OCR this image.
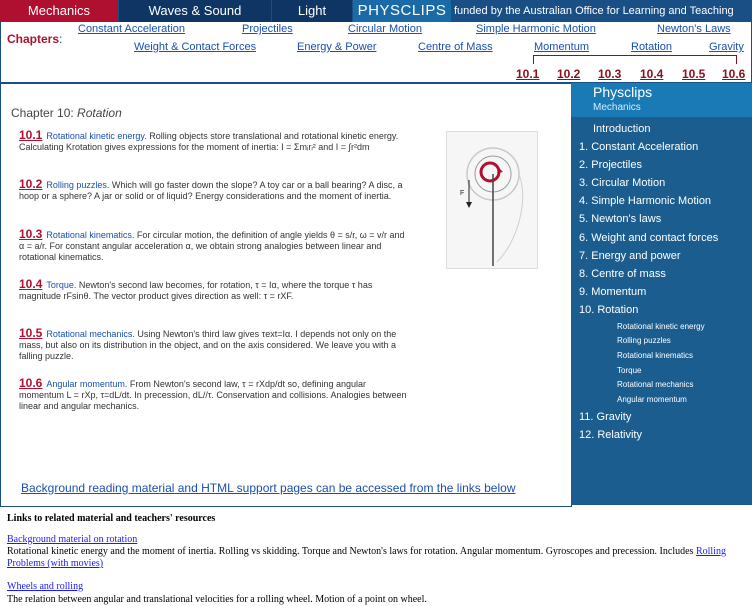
Mechanics	Waves & Sound	Light	PHYSCLIPS funded by the Australian Office for Learning and Teaching
Chapters:
Constant Acceleration	Projectiles	Circular Motion	Simple Harmonic Motion	Newton's Laws
Weight & Contact Forces	Energy & Power	Centre of Mass	Momentum	Rotation	Gravity
10.1 10.2 10.3 10.4 10.5 10.6
Chapter 10: Rotation
10.1 Rotational kinetic energy. Rolling objects store translational and rotational kinetic energy. Calculating Krotation gives expressions for the moment of inertia: I = Σmᵢrᵢ² and I = ∫r²dm
10.2 Rolling puzzles. Which will go faster down the slope? A toy car or a ball bearing? A disc, a hoop or a sphere? A jar or solid or of liquid? Energy considerations and the moment of inertia.
10.3 Rotational kinematics. For circular motion, the definition of angle yields θ = s/r, ω = v/r and α = a/r. For constant angular acceleration α, we obtain strong analogies between linear and rotational kinematics.
10.4 Torque. Newton's second law becomes, for rotation, τ = Iα, where the torque τ has magnitude rFsinθ. The vector product gives direction as well: τ = rXF.
10.5 Rotational mechanics. Using Newton's third law gives τext=Iα. I depends not only on the mass, but also on its distribution in the object, and on the axis considered. We leave you with a falling puzzle.
10.6 Angular momentum. From Newton's second law, τ = rXdp/dt so, defining angular momentum L = rXp, τ=dL/dt. In precession, dL//τ. Conservation and collisions. Analogies between linear and angular mechanics.
Background reading material and HTML support pages can be accessed from the links below
F
Physclips
Mechanics
Introduction
1. Constant Acceleration
2. Projectiles
3. Circular Motion
4. Simple Harmonic Motion
5. Newton's laws
6. Weight and contact forces
7. Energy and power
8. Centre of mass
9. Momentum
10. Rotation
Rotational kinetic energy
Rolling puzzles
Rotational kinematics
Torque
Rotational mechanics
Angular momentum
11. Gravity
12. Relativity
Links to related material and teachers' resources
Background material on rotation
Rotational kinetic energy and the moment of inertia. Rolling vs skidding. Torque and Newton's laws for rotation. Angular momentum. Gyroscopes and precession. Includes Rolling Problems (with movies)
Wheels and rolling
The relation between angular and translational velocities for a rolling wheel. Motion of a point on wheel.
